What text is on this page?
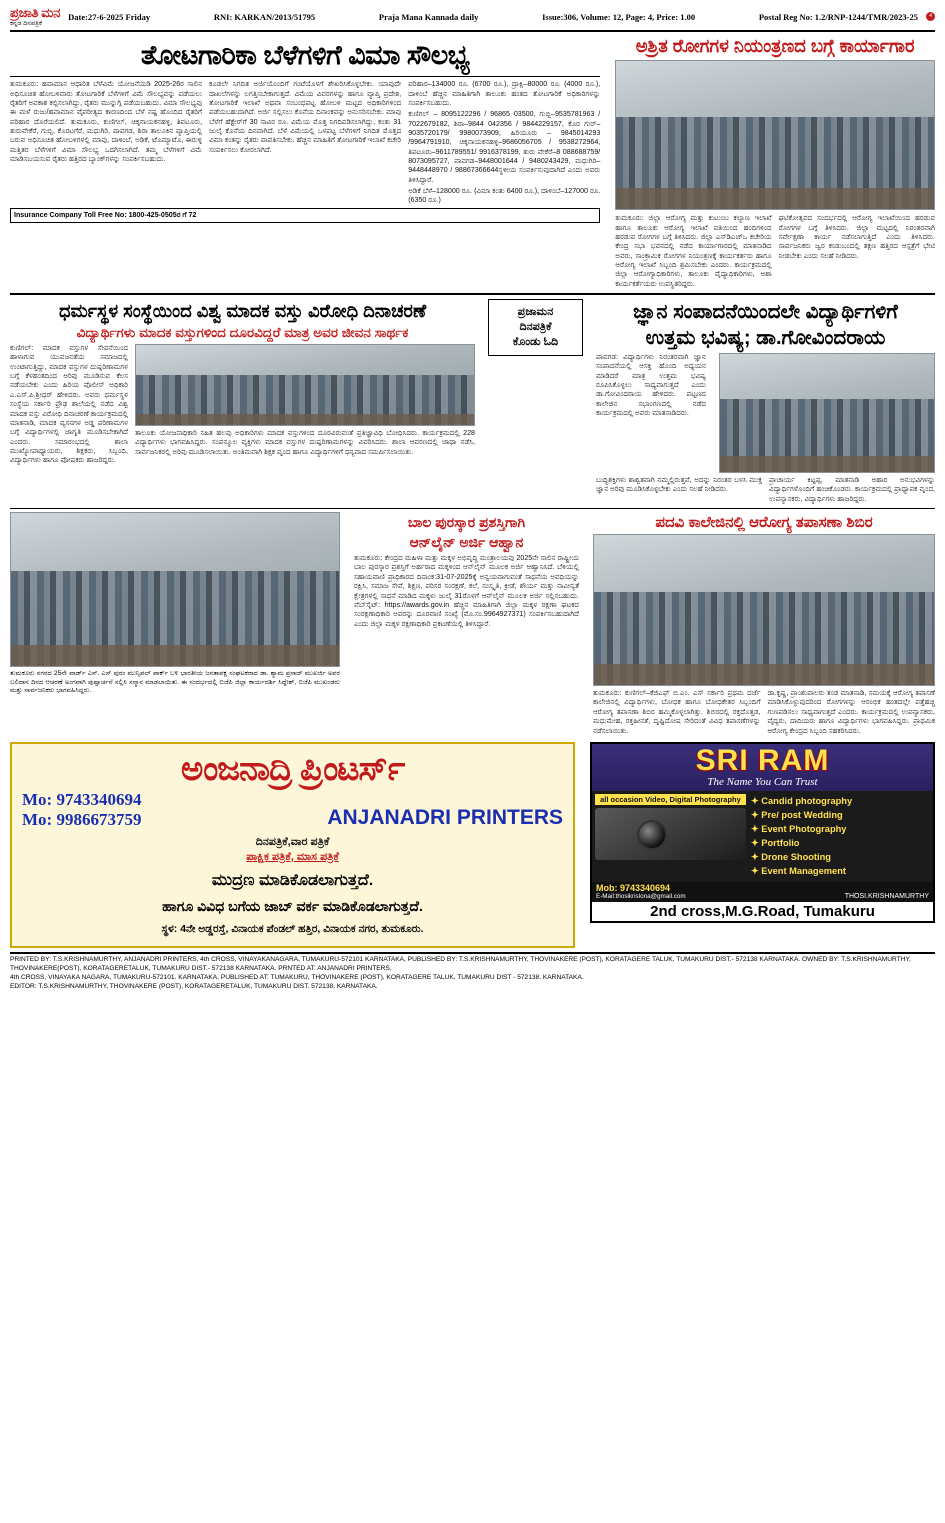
ಪ್ರಜಾತಿ ಮನ
ಕನ್ನಡ ದಿನಪತ್ರಿಕೆ
Date:27-6-2025 Friday	RNI: KARKAN/2013/51795	Praja Mana Kannada daily	Issue:306, Volume: 12, Page: 4, Price: 1.00	Postal Reg No: 1.2/RNP-1244/TMR/2023-25	4
ತೋಟಗಾರಿಕಾ ಬೆಳೆಗಳಿಗೆ ವಿಮಾ ಸೌಲಭ್ಯ
ತುಮಕೂರು: ಹವಾಮಾನ ಆಧಾರಿತ ಬೆಳೆವಿಮೆ ಯೋಜನೆಯಡಿ 2025-26ರ ಸಾಲಿನ ಅಧಿಸೂಚಿತ ಹೋಬಳಿವಾರು ತೋಟಗಾರಿಕೆ ಬೆಳೆಗಳಿಗೆ ವಿಮೆ ಸೌಲಭ್ಯವನ್ನು ಪಡೆಯಲು ರೈತರಿಗೆ ಅವಕಾಶ ಕಲ್ಪಿಸಲಾಗಿದ್ದು, ರೈತರು ಮುನ್ನುಗ್ಗಿ ಪಡೆಯಬಹುದು. ವಿಮಾ ಸೌಲಭ್ಯವು ಈ ಮಳೆ ರುಜು/ಹವಾಮಾನ ವೈಪರೀತ್ಯದ ಕಾರಣದಿಂದ ಬೆಳೆ ನಷ್ಟ ಹೊಂದಿದ ರೈತರಿಗೆ ಪರಿಹಾರ ದೊರೆಯಲಿದೆ. ತುಮಕೂರು, ಕುಣಿಗಲ್, ಚಿಕ್ಕನಾಯಕನಹಳ್ಳಿ, ತಿಪಟೂರು, ತುರುವೇಕೆರೆ, ಗುಬ್ಬಿ, ಕೊರಟಗೆರೆ, ಮಧುಗಿರಿ, ಪಾವಗಡ, ಶಿರಾ ತಾಲೂಕಿನ ವ್ಯಾಪ್ತಿಯಲ್ಲಿ ಬರುವ ಅಧಿಸೂಚಿತ ಹೋಬಳಿಗಳಲ್ಲಿ ಮಾವು, ದಾಳಿಂಬೆ, ಅಡಿಕೆ, ಟೊಮ್ಯಾಟೊ, ಈರುಳ್ಳಿ ಮತ್ತಿತರ ಬೆಳೆಗಳಿಗೆ ವಿಮಾ ಸೌಲಭ್ಯ ಒದಗಿಸಲಾಗಿದೆ. ತಮ್ಮ ಬೆಳೆಗಳಿಗೆ ವಿಮೆ ಮಾಡಿಸಬಯಸುವ ರೈತರು ಹತ್ತಿರದ ಬ್ಯಾಂಕ್‌ಗಳನ್ನು ಸಂಪರ್ಕಿಸಬಹುದು.
ಕೂಡಲೇ ನಿಗದಿತ ಅರ್ಜಿಯೊಂದಿಗೆ ಗಂಟೆಯೊಳಗೆ ಶೇಖರಿಸಿಕೊಳ್ಳಬೇಕು. ಯಾವುದೇ ದಾಖಲೆಗಳನ್ನು ಲಗತ್ತಿಸಬೇಕಾಗುತ್ತದೆ. ವಿಮೆಯ ವಿವರಗಳನ್ನು ಹಾಗೂ ವ್ಯಾಪ್ತಿ ಪ್ರದೇಶ, ತೋಟಗಾರಿಕೆ ಇಲಾಖೆ ಅಥವಾ ಸಂಬಂಧಪಟ್ಟ ಹೋಬಳಿ ಮಟ್ಟದ ಅಧಿಕಾರಿಗಳಿಂದ ಪಡೆಯಬಹುದಾಗಿದೆ. ಅರ್ಜಿ ಸಲ್ಲಿಸಲು ಕೊನೆಯ ದಿನಾಂಕವನ್ನು ಅನುಸರಿಸಬೇಕು. ಮಾವು ಬೆಳೆಗೆ ಹೆಕ್ಟೇರ್‌ಗೆ 30 ಸಾವಿರ ರೂ. ವಿಮೆಯ ಮೊತ್ತ ನಿಗದಿಪಡಿಸಲಾಗಿದ್ದು, ಕಂತು 31 ಜುಲೈ ಕೊನೆಯ ದಿನವಾಗಿದೆ. ಬೆಳೆ ವಿಮೆಯಲ್ಲಿ ಒಳಪಟ್ಟ ಬೆಳೆಗಳಿಗೆ ನಿಗದಿತ ಮೊತ್ತದ ವಿಮಾ ಕಂತನ್ನು ರೈತರು ಪಾವತಿಸಬೇಕು. ಹೆಚ್ಚಿನ ಮಾಹಿತಿಗೆ ತೋಟಗಾರಿಕೆ ಇಲಾಖೆ ಕಚೇರಿ ಸಂಪರ್ಕಿಸಲು ಕೋರಲಾಗಿದೆ.
ಪರಿಹಾರ–134000 ರೂ. (6700 ರೂ.), ದ್ರಾಕ್ಷಿ–80000 ರೂ. (4000 ರೂ.), ದಾಳಿಂಬೆ ಹೆಚ್ಚಿನ ಮಾಹಿತಿಗಾಗಿ ತಾಲೂಕು ಹಂತದ ತೋಟಗಾರಿಕೆ ಅಧಿಕಾರಿಗಳನ್ನು ಸಂಪರ್ಕಿಸಬಹುದು.
ಕುಣಿಗಲ್ – 8095122296 / 96865 03500, ಗುಬ್ಬಿ–9535781963 / 7022679182, ಶಿರಾ–9844 042356 / 9844229157, ಕೊರ ಗುರ್‌–9035720179/ 9980073909, ಹಿರಿಯೂರು – 9845014293 /9964791910, ಚಿಕ್ಕನಾಯಕನಹಳ್ಳಿ–9686056705 / 9538272964, ತಿಪಟೂರು–9611789551/ 9916378199, ತುರು ವೇಕೆರೆ–8 088688759/ 8073095727, ಪಾವಗಡ–9448001644 / 9480243429, ಮಧುಗಿರಿ–9448448970 / 98867366644ಸ್ಥಳೀಯ ಸಂಪರ್ಕಿಸುವುದಾಗಿದೆ ಎಂದು ಅವರು ತಿಳಿಸಿದ್ದಾರೆ.
ಅಡಿಕೆ ಬೆಳೆ–128000 ರೂ. (ವಿಮಾ ಕಂತು 6400 ರೂ.), ದಾಳಿಂಬೆ–127000 ರೂ.(6350 ರೂ.)
Insurance Company Toll Free No: 1800-425-0505ರ ಗೆ 72
ಅಶ್ರಿತ ರೋಗಗಳ ನಿಯಂತ್ರಣದ ಬಗ್ಗೆ ಕಾರ್ಯಾಗಾರ
ತುಮಕೂರು: ಜಿಲ್ಲಾ ಆರೋಗ್ಯ ಮತ್ತು ಕುಟುಂಬ ಕಲ್ಯಾಣ ಇಲಾಖೆ ಹಾಗೂ ತಾಲೂಕು ಆರೋಗ್ಯ ಇಲಾಖೆ ವತಿಯಿಂದ ಹಂದಿಗಳಿಂದ ಹರಡುವ ರೋಗಗಳ ಬಗ್ಗೆ ತಿಳಿಸಿದರು. ಜಿಲ್ಲಾ ಎಸ್‌ಡಿಎಚ್‌ಒ ಕಚೇರಿಯ ಕೇಂದ್ರ ಸಭಾ ಭವನದಲ್ಲಿ ನಡೆದ ಕಾರ್ಯಾಗಾರದಲ್ಲಿ ಮಾತನಾಡಿದ ಅವರು, ಸಾಂಕ್ರಾಮಿಕ ರೋಗಗಳ ನಿಯಂತ್ರಣಕ್ಕೆ ಕಾರ್ಯಕರ್ತರು ಹಾಗೂ ಆರೋಗ್ಯ ಇಲಾಖೆ ಸಿಬ್ಬಂದಿ ಶ್ರಮಿಸಬೇಕು ಎಂದರು. ಕಾರ್ಯಕ್ರಮದಲ್ಲಿ ಜಿಲ್ಲಾ ಆರೋಗ್ಯಾಧಿಕಾರಿಗಳು, ತಾಲೂಕು ವೈದ್ಯಾಧಿಕಾರಿಗಳು, ಆಶಾ ಕಾರ್ಯಕರ್ತೆಯರು ಉಪಸ್ಥಿತರಿದ್ದರು.
ಘಟಿಕೋತ್ಸವದ ಸಂದರ್ಭದಲ್ಲಿ ಆರೋಗ್ಯ ಇಲಾಖೆಯಿಂದ ಹರಡುವ ರೋಗಗಳ ಬಗ್ಗೆ ತಿಳಿಸಿದರು. ಜಿಲ್ಲಾ ಮಟ್ಟದಲ್ಲಿ ನಿರಂತರವಾಗಿ ಸರ್ವೇಕ್ಷಣಾ ಕಾರ್ಯ ನಡೆಸಲಾಗುತ್ತಿದೆ ಎಂದು ತಿಳಿಸಿದರು. ಸಾರ್ವಜನಿಕರು ಜ್ವರ ಕಂಡುಬಂದಲ್ಲಿ ತಕ್ಷಣ ಹತ್ತಿರದ ಆಸ್ಪತ್ರೆಗೆ ಭೇಟಿ ನೀಡಬೇಕು ಎಂದು ಸಲಹೆ ನೀಡಿದರು.
ಧರ್ಮಸ್ಥಳ ಸಂಸ್ಥೆಯಿಂದ ವಿಶ್ವ ಮಾದಕ ವಸ್ತು ವಿರೋಧಿ ದಿನಾಚರಣೆ
ವಿದ್ಯಾರ್ಥಿಗಳು ಮಾದಕ ವಸ್ತುಗಳಿಂದ ದೂರವಿದ್ದರೆ ಮಾತ್ರ ಅವರ ಜೀವನ ಸಾರ್ಥಕ
ಕುಣಿಗಲ್: ಮಾದಕ ವಸ್ತುಗಳ ಸೇವನೆಯಿಂದ ಹಾಳಾಗುವ ಯುವಜನತೆಯ ಸಮಾಜದಲ್ಲಿ ಉಂಟಾಗುತ್ತಿದ್ದು, ಮಾದಕ ವಸ್ತುಗಳ ದುಷ್ಪರಿಣಾಮಗಳ ಬಗ್ಗೆ ಕೆಳಹಂತದಿಂದ ಅರಿವು ಮೂಡಿಸುವ ಕೆಲಸ ನಡೆಯಬೇಕು ಎಂದು ಹಿರಿಯ ಪೊಲೀಸ್ ಅಧಿಕಾರಿ ಎ.ಎಸ್.ಪಿ.ಶ್ರೀಧರ್ ಹೇಳಿದರು. ಅವರು ಧರ್ಮಸ್ಥಳ ಸಂಸ್ಥೆಯ ಸರ್ಕಾರಿ ಪ್ರೌಢ ಶಾಲೆಯಲ್ಲಿ ನಡೆದ ವಿಶ್ವ ಮಾದಕ ವಸ್ತು ವಿರೋಧಿ ದಿನಾಚರಣೆ ಕಾರ್ಯಕ್ರಮದಲ್ಲಿ ಮಾತನಾಡಿ, ಮಾದಕ ವ್ಯಸನಗಳ ಅಡ್ಡ ಪರಿಣಾಮಗಳ ಬಗ್ಗೆ ವಿದ್ಯಾರ್ಥಿಗಳಲ್ಲಿ ಜಾಗೃತಿ ಮೂಡಿಸಬೇಕಾಗಿದೆ ಎಂದರು. ಸಮಾರಂಭದಲ್ಲಿ ಶಾಲಾ ಮುಖ್ಯೋಪಾಧ್ಯಾಯರು, ಶಿಕ್ಷಕರು, ಸಿಬ್ಬಂದಿ, ವಿದ್ಯಾರ್ಥಿಗಳು ಹಾಗೂ ಪೋಷಕರು ಹಾಜರಿದ್ದರು.
ತಾಲೂಕು ಯೋಜನಾಧಿಕಾರಿ ಸಹಿತ ಹಲವು ಅಧಿಕಾರಿಗಳು ಮಾದಕ ವಸ್ತುಗಳಿಂದ ದೂರವಿರುವಂತೆ ಪ್ರತಿಜ್ಞಾವಿಧಿ ಬೋಧಿಸಿದರು. ಕಾರ್ಯಕ್ರಮದಲ್ಲಿ 228 ವಿದ್ಯಾರ್ಥಿಗಳು ಭಾಗವಹಿಸಿದ್ದರು. ಸಂಪನ್ಮೂಲ ವ್ಯಕ್ತಿಗಳು ಮಾದಕ ವಸ್ತುಗಳ ದುಷ್ಪರಿಣಾಮಗಳನ್ನು ವಿವರಿಸಿದರು. ಶಾಲಾ ಆವರಣದಲ್ಲಿ ಜಾಥಾ ನಡೆಸಿ, ಸಾರ್ವಜನಿಕರಲ್ಲಿ ಅರಿವು ಮೂಡಿಸಲಾಯಿತು. ಅಂತಿಮವಾಗಿ ಶಿಕ್ಷಕ ವೃಂದ ಹಾಗೂ ವಿದ್ಯಾರ್ಥಿಗಳಿಗೆ ಧನ್ಯವಾದ ಸಮರ್ಪಿಸಲಾಯಿತು.
ಪ್ರಜಾಮನ
ದಿನಪತ್ರಿಕೆ
ಕೊಂಡು ಓದಿ
ಜ್ಞಾನ ಸಂಪಾದನೆಯಿಂದಲೇ ವಿದ್ಯಾರ್ಥಿಗಳಿಗೆ
ಉತ್ತಮ ಭವಿಷ್ಯ; ಡಾ.ಗೋವಿಂದರಾಯ
ಪಾವಗಡ: ವಿದ್ಯಾರ್ಥಿಗಳು ನಿರಂತರವಾಗಿ ಜ್ಞಾನ ಸಂಪಾದನೆಯಲ್ಲಿ ಆಸಕ್ತಿ ಹೊಂದಿ ಅಧ್ಯಯನ ಮಾಡಿದರೆ ಮಾತ್ರ ಉತ್ತಮ ಭವಿಷ್ಯ ರೂಪಿಸಿಕೊಳ್ಳಲು ಸಾಧ್ಯವಾಗುತ್ತದೆ ಎಂದು ಡಾ.ಗೋವಿಂದರಾಯ ಹೇಳಿದರು. ಪಟ್ಟಣದ ಕಾಲೇಜಿನ ಸಭಾಂಗಣದಲ್ಲಿ ನಡೆದ ಕಾರ್ಯಕ್ರಮದಲ್ಲಿ ಅವರು ಮಾತನಾಡಿದರು.
ಬುದ್ಧಿಶಕ್ತಿಗಳು ಶಾಶ್ವತವಾಗಿ ನಮ್ಮಲ್ಲಿರುತ್ತವೆ, ಅದನ್ನು ನಿರಂತರ ಬಳಸಿ ಮುಕ್ತ ಜ್ಞಾನ ಅರಿವು ಮೂಡಿಸಿಕೊಳ್ಳಬೇಕು ಎಂದು ಸಲಹೆ ನೀಡಿದರು.
ಪ್ರಾಚಾರ್ಯ ಕಿಟ್ಟಪ್ಪ, ಮಾತನಾಡಿ ಅಹಾರ ಅನುಭವಿಗಳನ್ನು ವಿದ್ಯಾರ್ಥಿಗಳೊಂದಿಗೆ ಹಂಚಿಕೊಂಡರು. ಕಾರ್ಯಕ್ರಮದಲ್ಲಿ ಪ್ರಾಧ್ಯಾಪಕ ವೃಂದ, ಉಪನ್ಯಾಸಕರು, ವಿದ್ಯಾರ್ಥಿಗಳು ಹಾಜರಿದ್ದರು.
ತುಮಕೂರು ನಗರದ 25ನೇ ವಾರ್ಡ್ ಎಸ್. ಎಸ್ ಪುರಂ ಮುನ್ಸಿಪಲ್ ಪಾರ್ಕ್‌ ಬಳಿ ಭಾರತೀಯ ಜನತಾಪಕ್ಷ ಸಂಘಟಕರಾದ ಡಾ. ಶ್ಯಾಮ ಪ್ರಸಾದ್ ಮುಖರ್ಜಿ ಅವರ ಬಲಿದಾನ ದಿನದ ಆಚರಣೆ ಅಂಗವಾಗಿ ಪುಷ್ಪಾರ್ಚನೆ ಸಲ್ಲಿಸಿ ಸನ್ಮಾನ ಮಾಡಲಾಯಿತು. ಈ ಸಂದರ್ಭದಲ್ಲಿ ಬಿಜೆಪಿ ಜಿಲ್ಲಾ ಕಾರ್ಯದರ್ಶಿ ಸಿದ್ದೇಶ್, ಬಿಜೆಪಿ ಮುಖಂಡರು ಮತ್ತು ಸಾರ್ವಜನಿಕರು ಭಾಗವಹಿಸಿದ್ದರು.
ಬಾಲ ಪುರಸ್ಕಾರ ಪ್ರಶಸ್ತಿಗಾಗಿ
ಆನ್‌ಲೈನ್ ಅರ್ಜಿ ಆಹ್ವಾನ
ತುಮಕೂರು: ಕೇಂದ್ರದ ಮಹಿಳಾ ಮತ್ತು ಮಕ್ಕಳ ಅಭಿವೃದ್ಧಿ ಮಂತ್ರಾಲಯವು 2025ನೇ ಸಾಲಿನ ರಾಷ್ಟ್ರೀಯ ಬಾಲ ಪುರಸ್ಕಾರ ಪ್ರಶಸ್ತಿಗೆ ಅರ್ಹರಾದ ಮಕ್ಕಳಿಂದ ಆನ್‌ಲೈನ್ ಮೂಲಕ ಅರ್ಜಿ ಆಹ್ವಾನಿಸಿದೆ. ಬೆಳಿಯಲ್ಲಿ ಸಹಾಯವಾಣಿ ಪ್ರಾಧಿಕಾರದ ದಿನಾಂಕ:31-07-2025ಕ್ಕೆ ಅನ್ವಯವಾಗುವಂತೆ ಸಾಧನೆಯ ಅವಧಿಯನ್ನು ರಕ್ಷಿಸಿ, ಸಮಾಜ ಸೇವೆ, ಶಿಕ್ಷಣ, ಪರಿಸರ ಸಂರಕ್ಷಣೆ, ಕಲೆ, ಸಂಸ್ಕೃತಿ, ಕ್ರೀಡೆ, ಶೌರ್ಯ ಮತ್ತು ನಾವೀನ್ಯತೆ ಕ್ಷೇತ್ರಗಳಲ್ಲಿ ಸಾಧನೆ ಮಾಡಿದ ಮಕ್ಕಳು ಜುಲೈ 31ರೊಳಗೆ ಆನ್‌ಲೈನ್ ಮೂಲಕ ಅರ್ಜಿ ಸಲ್ಲಿಸಬಹುದು. ವೆಬ್‌ಸೈಟ್: https://awards.gov.in ಹೆಚ್ಚಿನ ಮಾಹಿತಿಗಾಗಿ ಜಿಲ್ಲಾ ಮಕ್ಕಳ ರಕ್ಷಣಾ ಘಟಕದ ಸಂರಕ್ಷಣಾಧಿಕಾರಿ ಅವರನ್ನು ದೂರವಾಣಿ ಸಂಖ್ಯೆ (ಮೊ.ಸಂ.9964927371) ಸಂಪರ್ಕಿಸಬಹುದಾಗಿದೆ ಎಂದು ಜಿಲ್ಲಾ ಮಕ್ಕಳ ರಕ್ಷಣಾಧಿಕಾರಿ ಪ್ರಕಟಣೆಯಲ್ಲಿ ತಿಳಿಸಿದ್ದಾರೆ.
ಪದವಿ ಕಾಲೇಜಿನಲ್ಲಿ ಆರೋಗ್ಯ ತಪಾಸಣಾ ಶಿಬಿರ
ತುಮಕೂರು: ಕುಣಿಗಲ್–ಕೆಜಿಎಫ್ ಬಿ.ಎಂ. ಎಸ್ ಸರ್ಕಾರಿ ಪ್ರಥಮ ದರ್ಜೆ ಕಾಲೇಜಿನಲ್ಲಿ ವಿದ್ಯಾರ್ಥಿಗಳು, ಬೋಧಕ ಹಾಗೂ ಬೋಧಕೇತರ ಸಿಬ್ಬಂದಿಗೆ ಆರೋಗ್ಯ ತಪಾಸಣಾ ಶಿಬಿರ ಹಮ್ಮಿಕೊಳ್ಳಲಾಗಿತ್ತು. ಶಿಬಿರದಲ್ಲಿ ರಕ್ತದೊತ್ತಡ, ಮಧುಮೇಹ, ರಕ್ತಹೀನತೆ, ದೃಷ್ಟಿದೋಷ ಸೇರಿದಂತೆ ವಿವಿಧ ತಪಾಸಣೆಗಳನ್ನು ನಡೆಸಲಾಯಿತು.
ಡಾ.ಕೃಷ್ಣ, ಪ್ರಾಂಶುಪಾಲರು ತಂಡ ಮಾತನಾಡಿ, ಸಮಯಕ್ಕೆ ಆರೋಗ್ಯ ತಪಾಸಣೆ ಮಾಡಿಸಿಕೊಳ್ಳುವುದರಿಂದ ರೋಗಗಳನ್ನು ಆರಂಭಿಕ ಹಂತದಲ್ಲೇ ಪತ್ತೆಹಚ್ಚಿ ಗುಣಪಡಿಸಲು ಸಾಧ್ಯವಾಗುತ್ತದೆ ಎಂದರು. ಕಾರ್ಯಕ್ರಮದಲ್ಲಿ ಉಪನ್ಯಾಸಕರು, ವೈದ್ಯರು, ದಾದಿಯರು ಹಾಗೂ ವಿದ್ಯಾರ್ಥಿಗಳು ಭಾಗವಹಿಸಿದ್ದರು. ಪ್ರಾಥಮಿಕ ಆರೋಗ್ಯ ಕೇಂದ್ರದ ಸಿಬ್ಬಂದಿ ಸಹಕರಿಸಿದರು.
ಅಂಜನಾದ್ರಿ ಪ್ರಿಂಟರ್ಸ್
Mo: 9743340694
Mo: 9986673759	ANJANADRI PRINTERS
ದಿನಪತ್ರಿಕೆ,ವಾರ ಪತ್ರಿಕೆ
ಪಾಕ್ಷಿಕ ಪತ್ರಿಕೆ, ಮಾಸ ಪತ್ರಿಕೆ
ಮುದ್ರಣ ಮಾಡಿಕೊಡಲಾಗುತ್ತದೆ.
ಹಾಗೂ ವಿವಿಧ ಬಗೆಯ ಜಾಬ್ ವರ್ಕ ಮಾಡಿಕೊಡಲಾಗುತ್ತದೆ.
ಸ್ಥಳ: 4ನೇ ಅಡ್ಡರಸ್ತೆ, ವಿನಾಯಕ ಪೆಂಡಲ್ ಹತ್ತಿರ, ವಿನಾಯಕ ನಗರ, ತುಮಕೂರು.
SRI RAM
The Name You Can Trust
all occasion Video, Digital Photography	✦ Candid photography
✦ Pre/ post Wedding
✦ Event Photography
✦ Portfolio
✦ Drone Shooting
✦ Event Management
Mob: 9743340694
E-Mail:thosikrislona@gmail.com	THOSI.KRISHNAMURTHY
2nd cross,M.G.Road, Tumakuru
PRINTED BY: T.S.KRISHNAMURTHY, ANJANADRI PRINTERS, 4th CROSS, VINAYAKANAGARA, TUMAKURU-572101 KARNATAKA, PUBLISHED BY: T.S.KRISHNAMURTHY, THOVINAKERE (POST), KORATAGERE TALUK, TUMAKURU DIST.- 572138 KARNATAKA. OWNED BY: T.S.KRISHNAMURTHY, THOVINAKERE(POST), KORATAGERETALUK, TUMAKURU DIST.- 572138 KARNATAKA. PRNTED AT: ANJANADRI PRINTERS,
4th CROSS, VINAYAKA NAGARA, TUMAKURU-572101. KARNATAKA, PUBLISHED AT: TUMAKURU, THOVINAKERE (POST), KORATAGERE TALUK, TUMAKURU DIST - 572138. KARNATAKA.
EDITOR: T.S.KRISHNAMURTHY, THOVINAKERE (POST), KORATAGERETALUK, TUMAKURU DIST. 572138, KARNATAKA.
